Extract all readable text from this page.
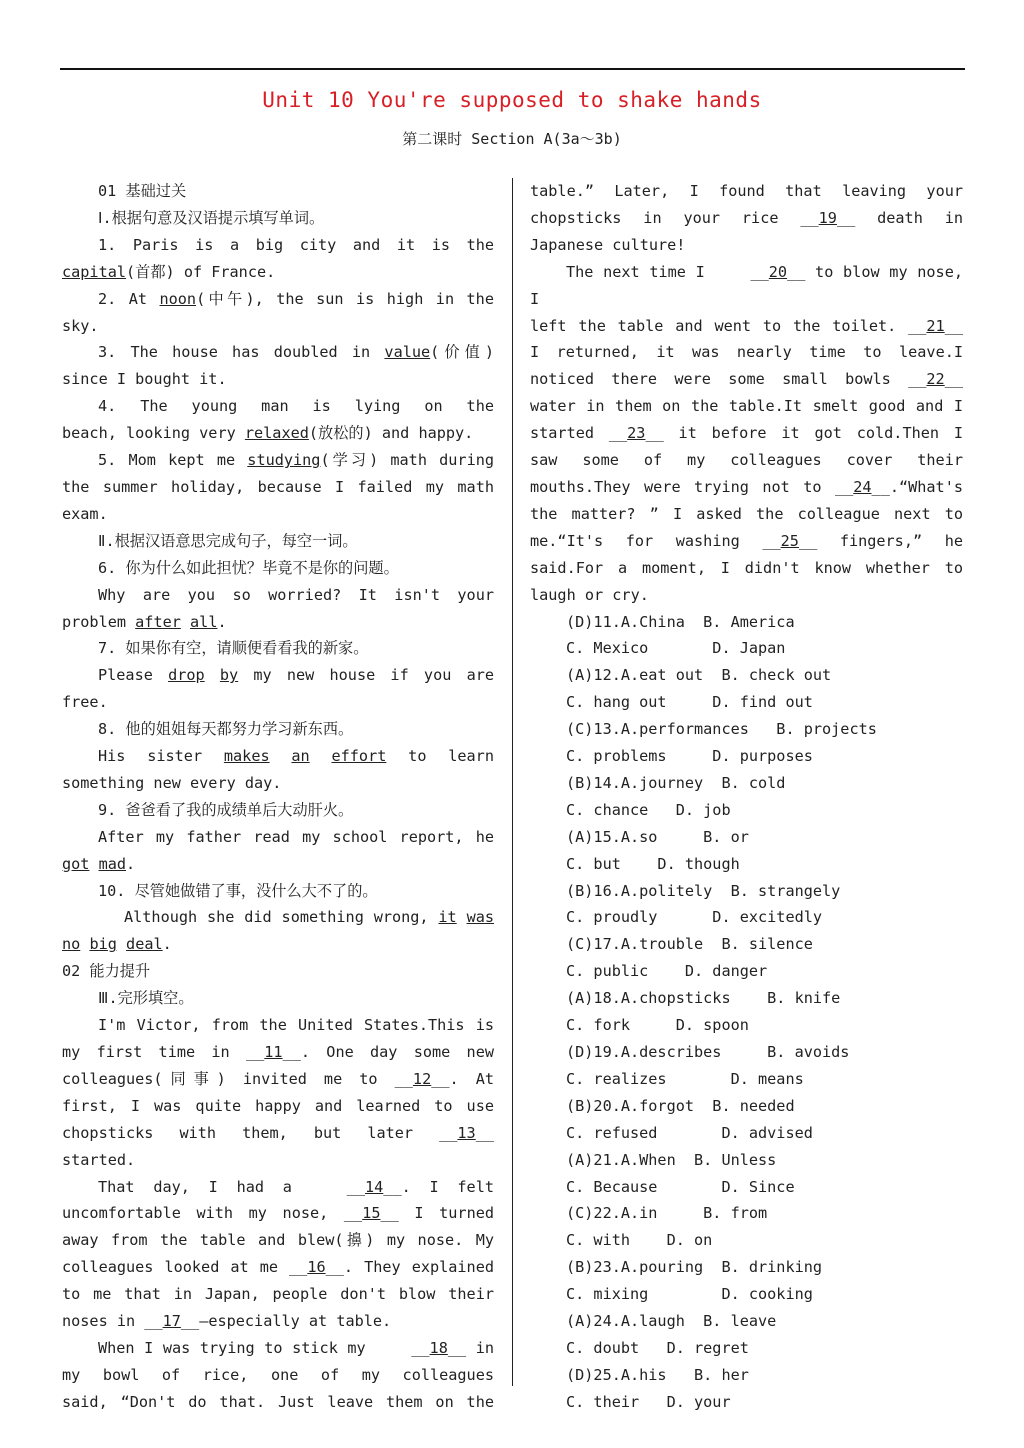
Unit 10 You're supposed to shake hands
第二课时 Section A(3a～3b)

01 基础过关

Ⅰ.根据句意及汉语提示填写单词。

1. Paris is a big city and it is the

capital(首都) of France.

2. At noon(中午), the sun is high in the

sky.

3. The house has doubled in value(价值)

since I bought it.

4. The young man is lying on the

beach, looking very relaxed(放松的) and happy.

5. Mom kept me studying(学习) math during

the summer holiday, because I failed my math

exam.

Ⅱ.根据汉语意思完成句子，每空一词。

6. 你为什么如此担忧？毕竟不是你的问题。

Why are you so worried? It isn't your

problem after all.

7. 如果你有空，请顺便看看我的新家。

Please drop by my new house if you are free.

8. 他的姐姐每天都努力学习新东西。

His sister makes an effort to learn

something new every day.

9. 爸爸看了我的成绩单后大动肝火。

After my father read my school report, he

got mad.

10. 尽管她做错了事，没什么大不了的。

Although she did something wrong, it was

no big deal.

02 能力提升

Ⅲ.完形填空。

I'm Victor, from the United States.This is

my first time in __11__. One day some new

colleagues(同事) invited me to __12__. At

first, I was quite happy and learned to use

chopsticks with them, but later __13__

started.

That day, I had a __14__. I felt

uncomfortable with my nose, __15__ I turned

away from the table and blew(擤) my nose. My

colleagues looked at me __16__. They explained

to me that in Japan, people don't blow their

noses in __17__—especially at table.

When I was trying to stick my __18__ in

my bowl of rice, one of my colleagues

said, “Don't do that. Just leave them on the

table.” Later, I found that leaving your

chopsticks in your rice __19__ death in

Japanese culture!

The next time I __20__ to blow my nose, I

left the table and went to the toilet. __21__

I returned, it was nearly time to leave.I

noticed there were some small bowls __22__

water in them on the table.It smelt good and I

started __23__ it before it got cold.Then I

saw some of my colleagues cover their

mouths.They were trying not to __24__.“What's

the matter? ” I asked the colleague next to

me.“It's for washing __25__ fingers,” he

said.For a moment, I didn't know whether to

laugh or cry.

(D)11.A.China  B. America

C. Mexico       D. Japan

(A)12.A.eat out  B. check out

C. hang out     D. find out

(C)13.A.performances   B. projects

C. problems     D. purposes

(B)14.A.journey  B. cold

C. chance   D. job

(A)15.A.so     B. or

C. but    D. though

(B)16.A.politely  B. strangely

C. proudly      D. excitedly

(C)17.A.trouble  B. silence

C. public    D. danger

(A)18.A.chopsticks    B. knife

C. fork     D. spoon

(D)19.A.describes     B. avoids

C. realizes       D. means

(B)20.A.forgot  B. needed

C. refused       D. advised

(A)21.A.When  B. Unless

C. Because       D. Since

(C)22.A.in     B. from

C. with    D. on

(B)23.A.pouring  B. drinking

C. mixing        D. cooking

(A)24.A.laugh  B. leave

C. doubt   D. regret

(D)25.A.his   B. her

C. their   D. your
